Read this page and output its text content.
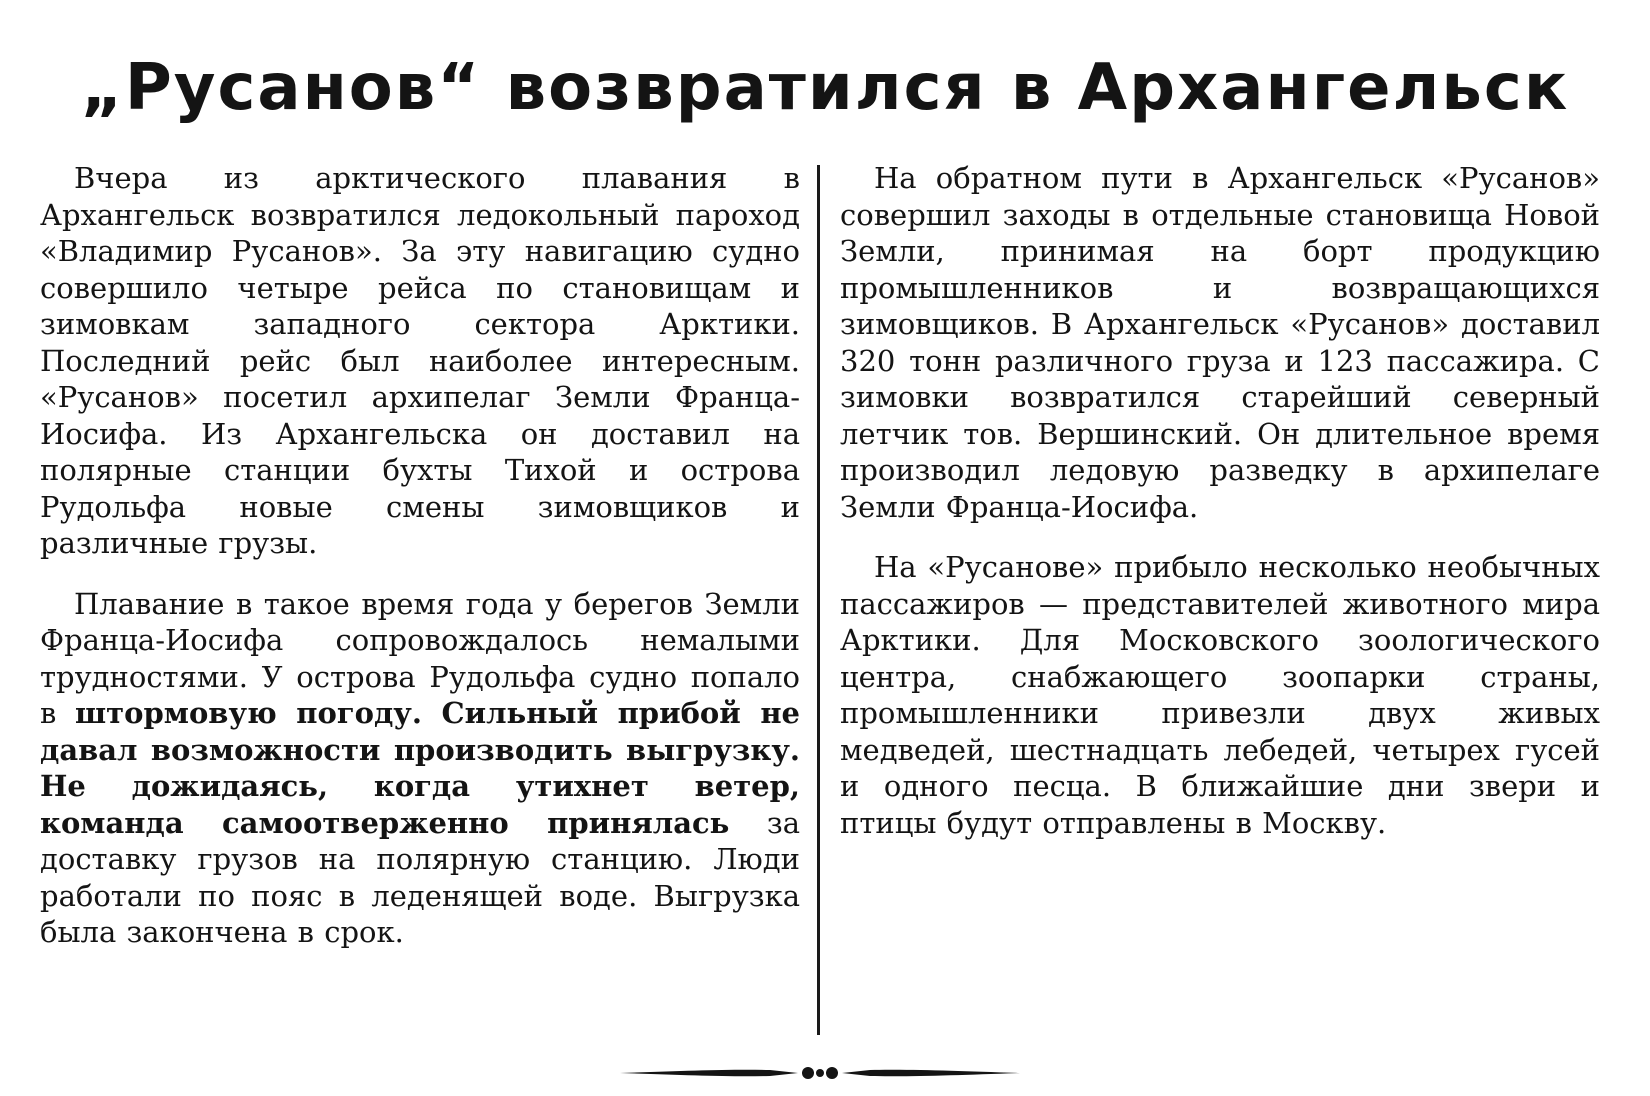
„Русанов“ возвратился в Архангельск

Вчера из арктического плавания в Архангельск возвратился ледокольный пароход «Владимир Русанов». За эту навигацию судно совершило четыре рейса по становищам и зимовкам западного сектора Арктики. Последний рейс был наиболее интересным. «Русанов» посетил архипелаг Земли Франца-Иосифа. Из Архангельска он доставил на полярные станции бухты Тихой и острова Рудольфа новые смены зимовщиков и различные грузы.

Плавание в такое время года у берегов Земли Франца-Иосифа сопровождалось немалыми трудностями. У острова Рудольфа судно попало в штормовую погоду. Сильный прибой не давал возможности производить выгрузку. Не дожидаясь, когда утихнет ветер, команда самоотверженно принялась за доставку грузов на полярную станцию. Люди работали по пояс в леденящей воде. Выгрузка была закончена в срок.

На обратном пути в Архангельск «Русанов» совершил заходы в отдельные становища Новой Земли, принимая на борт продукцию промышленников и возвращающихся зимовщиков. В Архангельск «Русанов» доставил 320 тонн различного груза и 123 пассажира. С зимовки возвратился старейший северный летчик тов. Вершинский. Он длительное время производил ледовую разведку в архипелаге Земли Франца-Иосифа.

На «Русанове» прибыло несколько необычных пассажиров — представителей животного мира Арктики. Для Московского зоологического центра, снабжающего зоопарки страны, промышленники привезли двух живых медведей, шестнадцать лебедей, четырех гусей и одного песца. В ближайшие дни звери и птицы будут отправлены в Москву.
